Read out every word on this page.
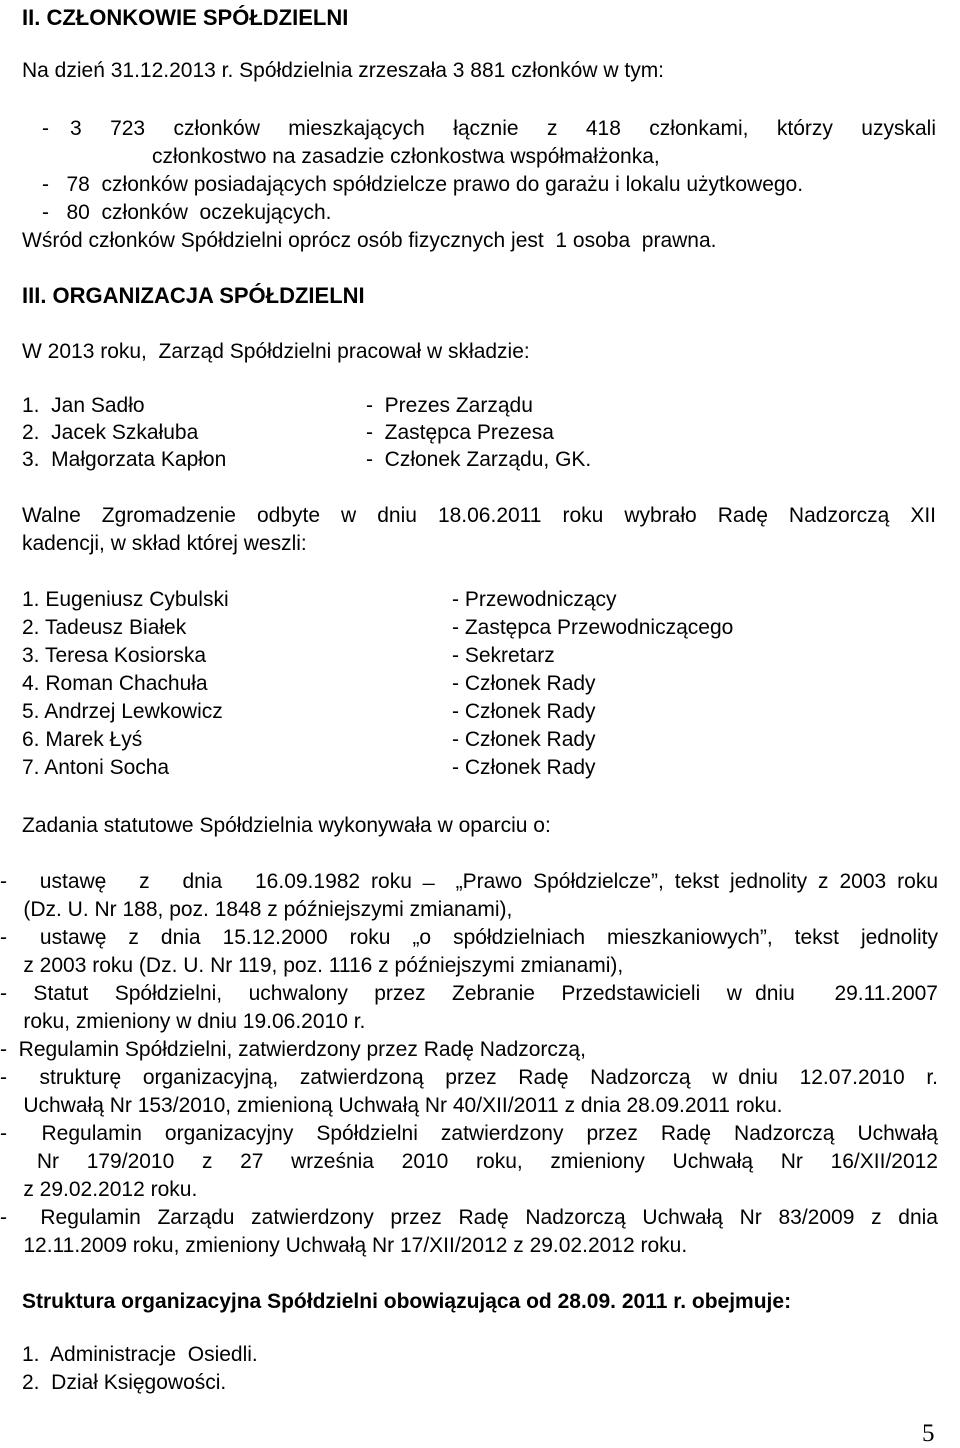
II. CZŁONKOWIE SPÓŁDZIELNI
Na dzień 31.12.2013 r. Spółdzielnia zrzeszała 3 881 członków w tym:
- 3 723 członków mieszkających łącznie z 418 członkami, którzy uzyskali
członkostwo na zasadzie członkostwa współmałżonka,
-   78  członków posiadających spółdzielcze prawo do garażu i lokalu użytkowego.
-   80  członków  oczekujących.
Wśród członków Spółdzielni oprócz osób fizycznych jest  1 osoba  prawna.
III. ORGANIZACJA SPÓŁDZIELNI
W 2013 roku,  Zarząd Spółdzielni pracował w składzie:
1.  Jan Sadło	-  Prezes Zarządu
2.  Jacek Szkałuba	-  Zastępca Prezesa
3.  Małgorzata Kapłon	-  Członek Zarządu, GK.
Walne Zgromadzenie odbyte w dniu 18.06.2011 roku wybrało Radę Nadzorczą XII
kadencji, w skład której weszli:
1. Eugeniusz Cybulski	- Przewodniczący
2. Tadeusz Białek	- Zastępca Przewodniczącego
3. Teresa Kosiorska	- Sekretarz
4. Roman Chachuła	- Członek Rady
5. Andrzej Lewkowicz	- Członek Rady
6. Marek Łyś	- Członek Rady
7. Antoni Socha	- Członek Rady
Zadania statutowe Spółdzielnia wykonywała w oparciu o:
-   ustawę   z   dnia   16.09.1982 roku  ̶  „Prawo Spółdzielcze”, tekst jednolity z 2003 roku
(Dz. U. Nr 188, poz. 1848 z późniejszymi zmianami),
-   ustawę  z  dnia  15.12.2000  roku  „o  spółdzielniach  mieszkaniowych”,  tekst  jednolity
z 2003 roku (Dz. U. Nr 119, poz. 1116 z późniejszymi zmianami),
-  Statut  Spółdzielni,  uchwalony  przez  Zebranie  Przedstawicieli  w dniu   29.11.2007
roku, zmieniony w dniu 19.06.2010 r.
-  Regulamin Spółdzielni, zatwierdzony przez Radę Nadzorczą,
-   strukturę  organizacyjną,  zatwierdzoną  przez  Radę  Nadzorczą  w dniu  12.07.2010  r.
Uchwałą Nr 153/2010, zmienioną Uchwałą Nr 40/XII/2011 z dnia 28.09.2011 roku.
-   Regulamin  organizacyjny  Spółdzielni  zatwierdzony  przez  Radę  Nadzorczą  Uchwałą
Nr   179/2010   z   27   września   2010   roku,   zmieniony   Uchwałą   Nr   16/XII/2012
z 29.02.2012 roku.
-  Regulamin Zarządu zatwierdzony przez Radę Nadzorczą Uchwałą Nr 83/2009 z dnia
12.11.2009 roku, zmieniony Uchwałą Nr 17/XII/2012 z 29.02.2012 roku.
Struktura organizacyjna Spółdzielni obowiązująca od 28.09. 2011 r. obejmuje:
1.  Administracje  Osiedli.
2.  Dział Księgowości.
5
